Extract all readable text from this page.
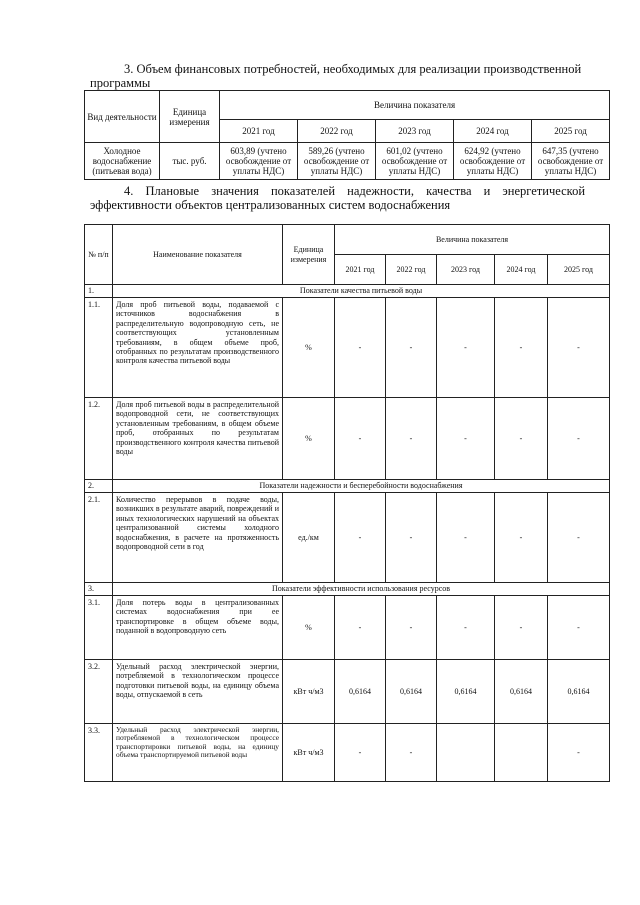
3. Объем финансовых потребностей, необходимых для реализации производственной
программы
Вид деятельности	Единица измерения	Величина показателя				
		2021 год	2022 год	2023 год	2024 год	2025 год
Холодное водоснабжение (питьевая вода)	тыс. руб.	603,89 (учтено освобождение от уплаты НДС)	589,26 (учтено освобождение от уплаты НДС)	601,02 (учтено освобождение от уплаты НДС)	624,92 (учтено освобождение от уплаты НДС)	647,35 (учтено освобождение от уплаты НДС)
4. Плановые значения показателей надежности, качества и энергетической
эффективности объектов централизованных систем водоснабжения
№ п/п	Наименование показателя	Единица измерения	Величина показателя				
			2021 год	2022 год	2023 год	2024 год	2025 год
1.	Показатели качества питьевой воды						
1.1.	Доля проб питьевой воды, подаваемой с источников водоснабжения в распределительную водопроводную сеть, не соответствующих установленным требованиям, в общем объеме проб, отобранных по результатам производственного контроля качества питьевой воды	%	-	-	-	-	-
1.2.	Доля проб питьевой воды в распределительной водопроводной сети, не соответствующих установленным требованиям, в общем объеме проб, отобранных по результатам производственного контроля качества питьевой воды	%	-	-	-	-	-
2.	Показатели надежности и бесперебойности водоснабжения						
2.1.	Количество перерывов в подаче воды, возникших в результате аварий, повреждений и иных технологических нарушений на объектах централизованной системы холодного водоснабжения, в расчете на протяженность водопроводной сети в год	ед./км	-	-	-	-	-
3.	Показатели эффективности использования ресурсов						
3.1.	Доля потерь воды в централизованных системах водоснабжения при ее транспортировке в общем объеме воды, поданной в водопроводную сеть	%	-	-	-	-	-
3.2.	Удельный расход электрической энергии, потребляемой в технологическом процессе подготовки питьевой воды, на единицу объема воды, отпускаемой в сеть	кВт ч/м3	0,6164	0,6164	0,6164	0,6164	0,6164
3.3.	Удельный расход электрической энергии, потребляемой в технологическом процессе транспортировки питьевой воды, на единицу объема транспортируемой питьевой воды	кВт ч/м3	-	-			-
